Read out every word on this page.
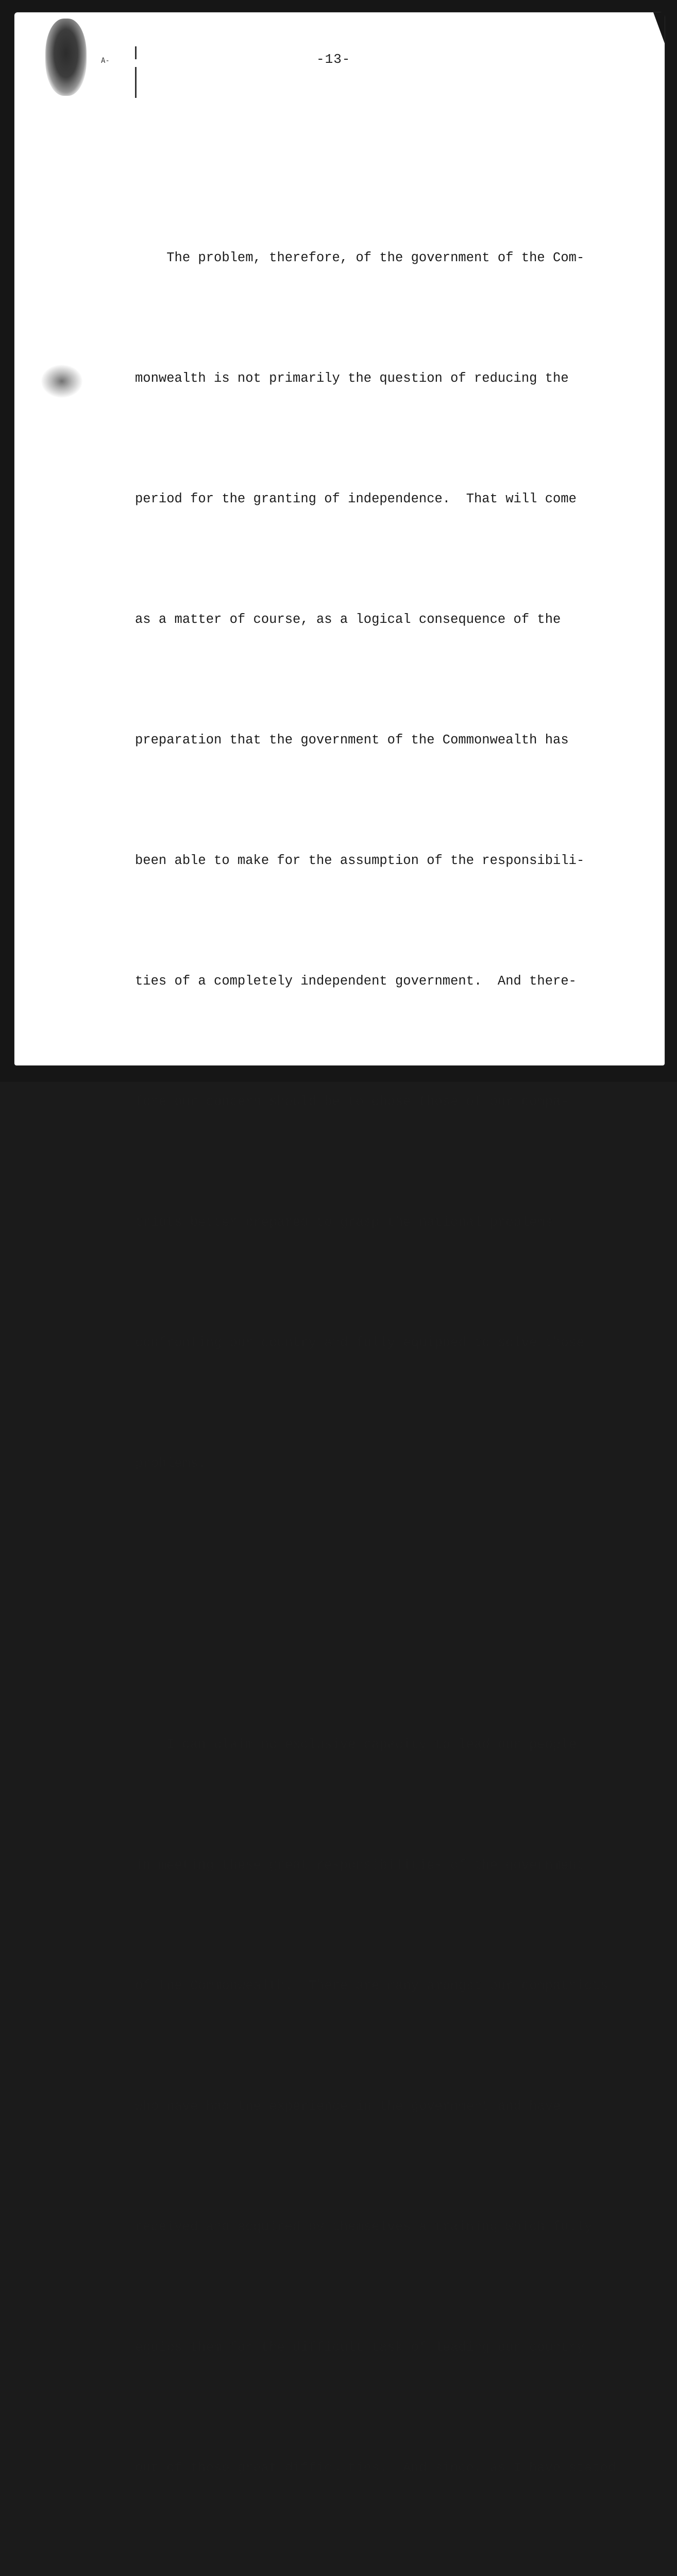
A-	-13-

The problem, therefore, of the government of the Com-

monwealth is not primarily the question of reducing the

period for the granting of independence.  That will come

as a matter of course, as a logical consequence of the

preparation that the government of the Commonwealth has

been able to make for the assumption of the responsibili-

ties of a completely independent government.  And there-

fore our concern should be to chose those of our compa-

triots better prepared to grasp the national problems

confronting our country and fully equipped to solve those

problems.

I can claim no exclusive capacity to lead our people

in meeting these great responsibilities of the government

of the Commonwealth.  There are many amongst our compatriots

who have had the experience in the government and have

received and acquired by themselves a training which fully

equips them for the difficult task of leading our country

out of these great difficulties.  And since, as I have stated
